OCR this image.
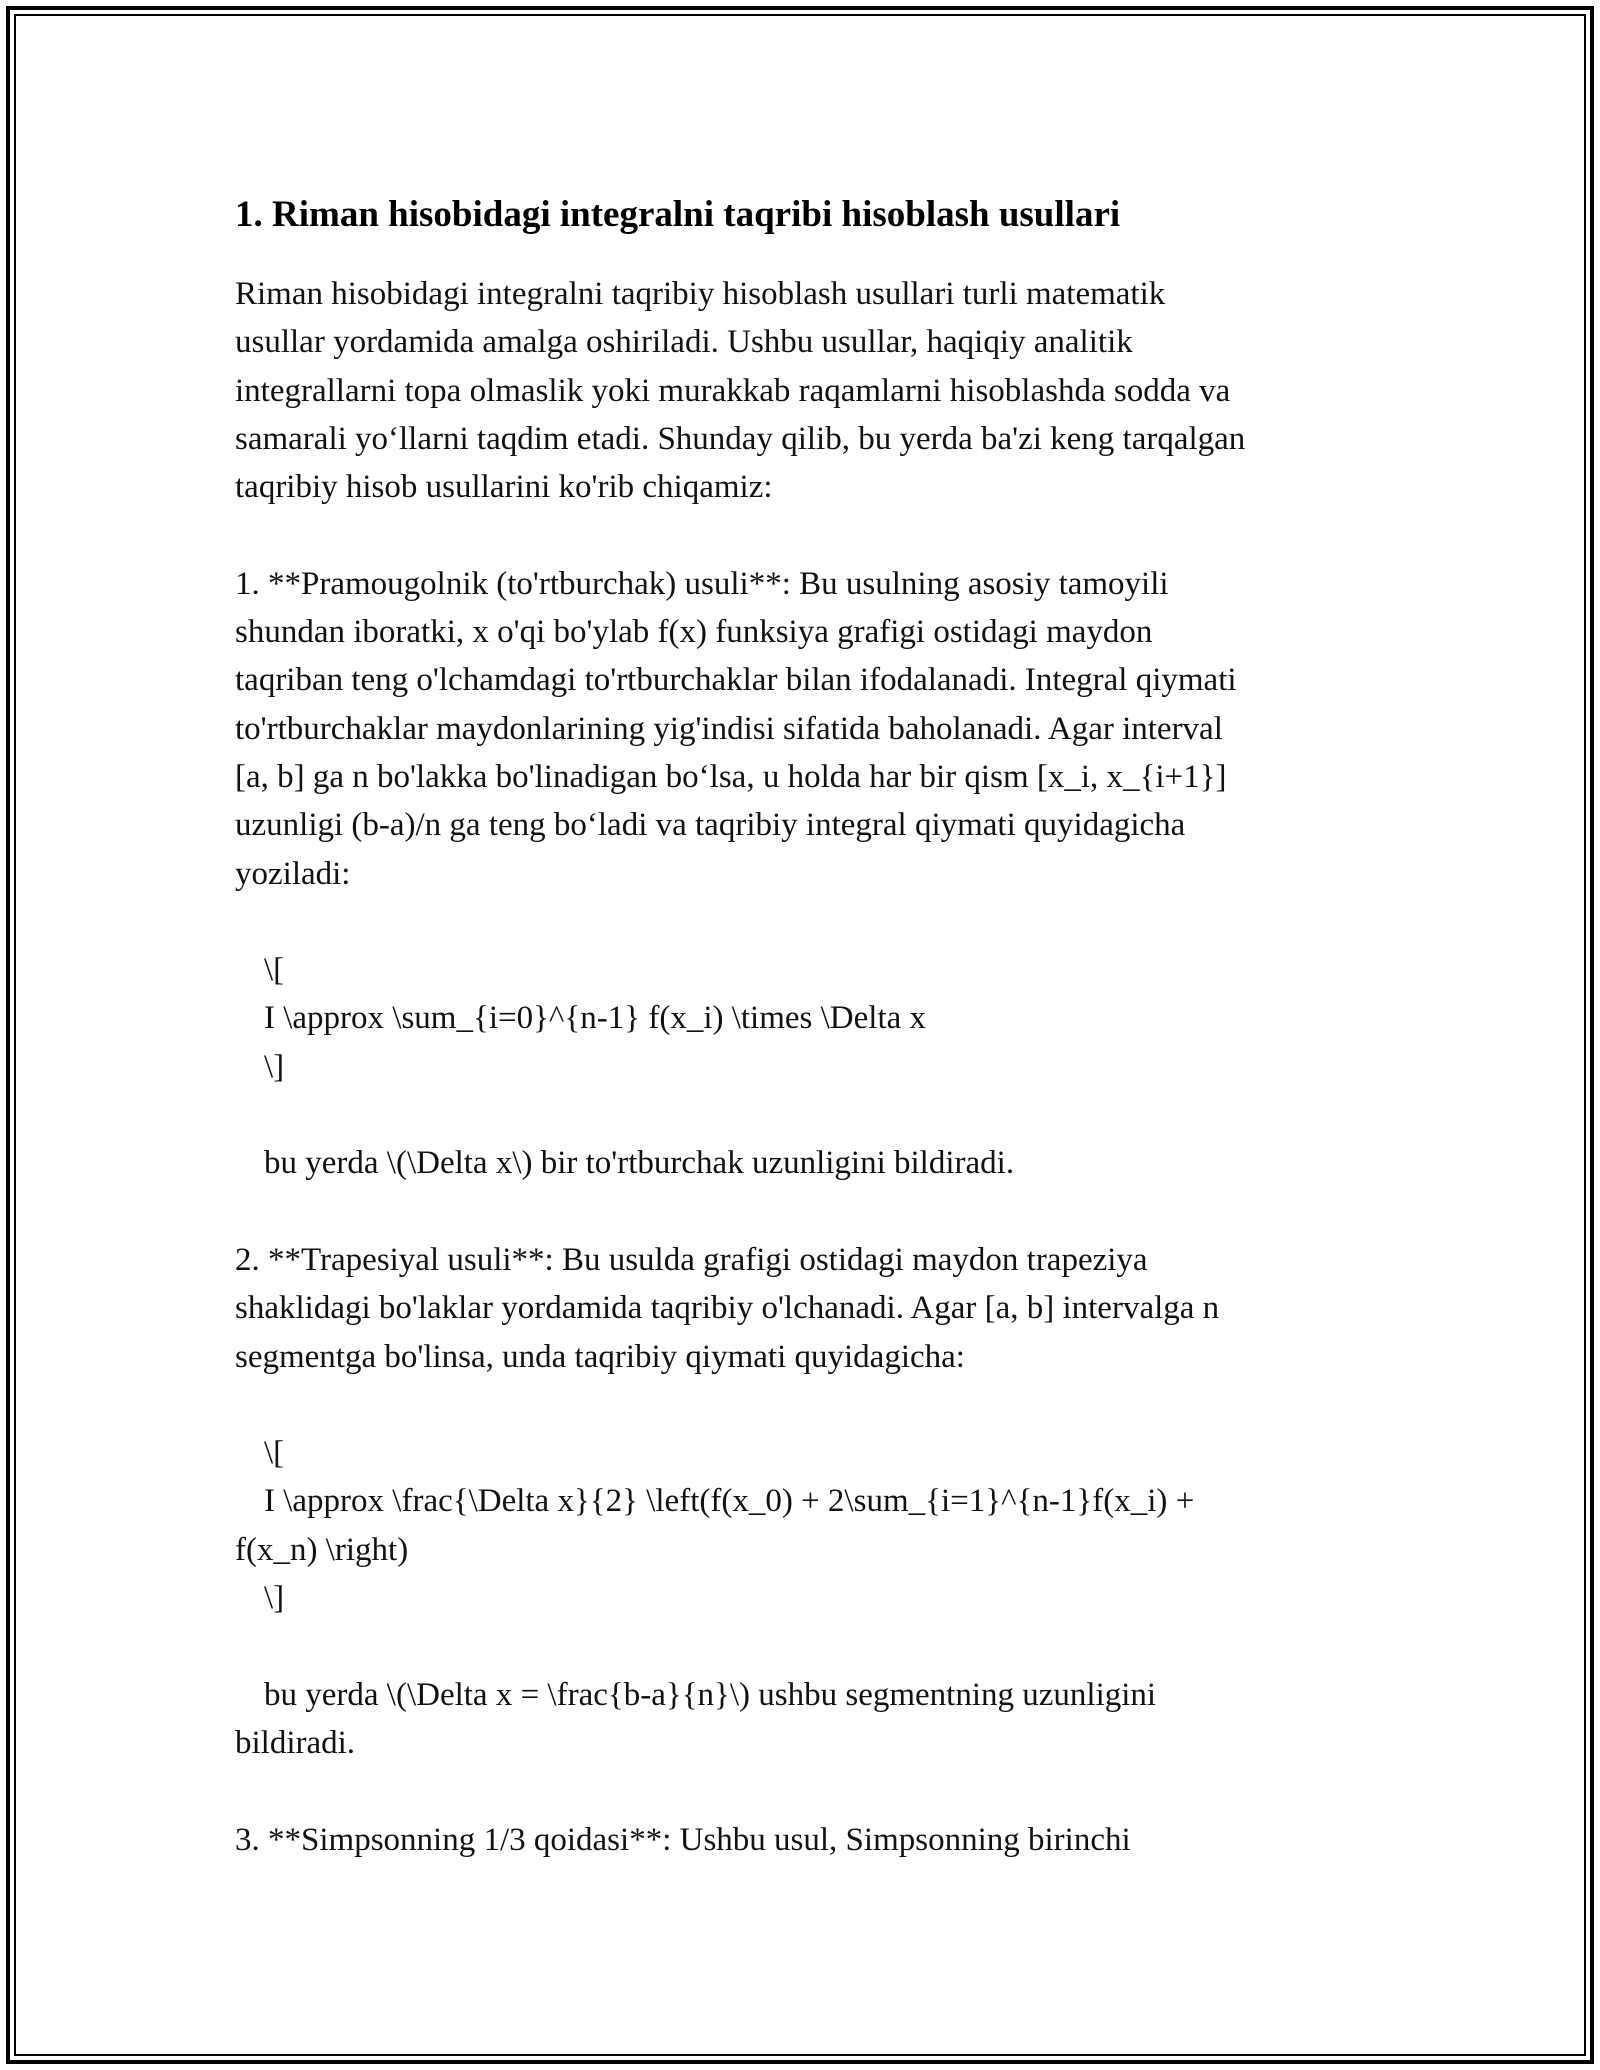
1. Riman hisobidagi integralni taqribi hisoblash usullari

Riman hisobidagi integralni taqribiy hisoblash usullari turli matematik

usullar yordamida amalga oshiriladi. Ushbu usullar, haqiqiy analitik

integrallarni topa olmaslik yoki murakkab raqamlarni hisoblashda sodda va

samarali yo‘llarni taqdim etadi. Shunday qilib, bu yerda ba'zi keng tarqalgan

taqribiy hisob usullarini ko'rib chiqamiz:

1. **Pramougolnik (to'rtburchak) usuli**: Bu usulning asosiy tamoyili

shundan iboratki, x o'qi bo'ylab f(x) funksiya grafigi ostidagi maydon

taqriban teng o'lchamdagi to'rtburchaklar bilan ifodalanadi. Integral qiymati

to'rtburchaklar maydonlarining yig'indisi sifatida baholanadi. Agar interval

[a, b] ga n bo'lakka bo'linadigan bo‘lsa, u holda har bir qism [x_i, x_{i+1}]

uzunligi (b-a)/n ga teng bo‘ladi va taqribiy integral qiymati quyidagicha

yoziladi:

\[

I \approx \sum_{i=0}^{n-1} f(x_i) \times \Delta x

\]

bu yerda \(\Delta x\) bir to'rtburchak uzunligini bildiradi.

2. **Trapesiyal usuli**: Bu usulda grafigi ostidagi maydon trapeziya

shaklidagi bo'laklar yordamida taqribiy o'lchanadi. Agar [a, b] intervalga n

segmentga bo'linsa, unda taqribiy qiymati quyidagicha:

\[

I \approx \frac{\Delta x}{2} \left(f(x_0) + 2\sum_{i=1}^{n-1}f(x_i) +

f(x_n) \right)

\]

bu yerda \(\Delta x = \frac{b-a}{n}\) ushbu segmentning uzunligini

bildiradi.

3. **Simpsonning 1/3 qoidasi**: Ushbu usul, Simpsonning birinchi
